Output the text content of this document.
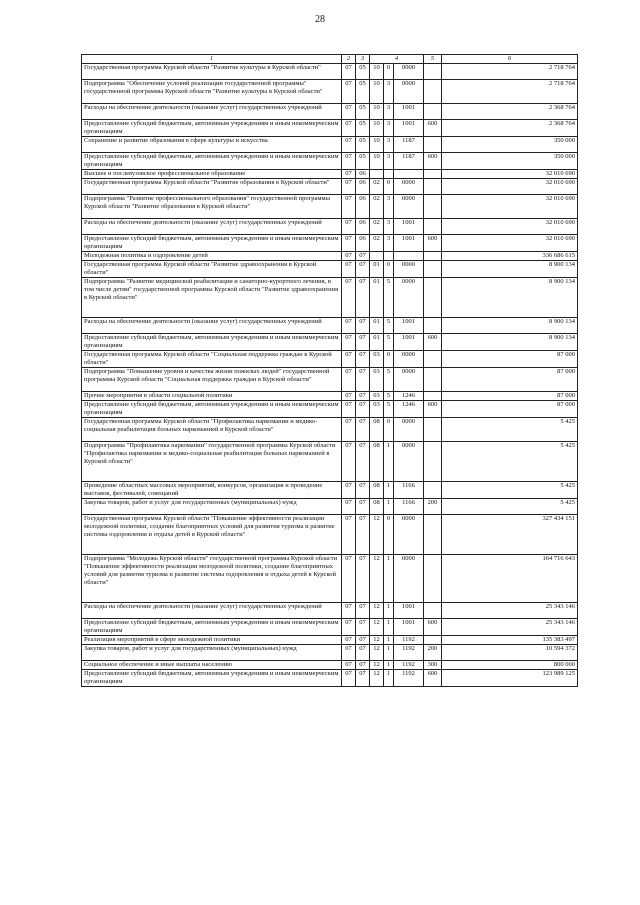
28
1	2	3	4			5	6
Государственная программа Курской области "Развитие культуры в Курской области"	07	05	10	0	0000		2 718 764
Подпрограмма "Обеспечение условий реализации государственной программы" государственной программы Курской области "Развитие культуры в Курской области"	07	05	10	3	0000		2 718 764
Расходы на обеспечение деятельности (оказание услуг) государственных учреждений	07	05	10	3	1001		2 368 764
Предоставление субсидий бюджетным, автономным учреждениям и иным некоммерческим организациям	07	05	10	3	1001	600	2 368 764
Сохранение и развитие образования в сфере культуры и искусства	07	05	10	3	1187		350 000
Предоставление субсидий бюджетным, автономным учреждениям и иным некоммерческим организациям	07	05	10	3	1187	600	350 000
Высшее и послевузовское профессиональное образование	07	06					32 010 690
Государственная программа Курской области "Развитие образования в Курской области"	07	06	02	0	0000		32 010 690
Подпрограмма "Развитие профессионального образования" государственной программы Курской области "Развитие образования в Курской области"	07	06	02	3	0000		32 010 690
Расходы на обеспечение деятельности (оказание услуг) государственных учреждений	07	06	02	3	1001		32 010 690
Предоставление субсидий бюджетным, автономным учреждениям и иным некоммерческим организациям	07	06	02	3	1001	600	32 010 690
Молодежная политика и оздоровление детей	07	07					336 686 615
Государственная программа Курской области "Развитие здравоохранения в Курской области"	07	07	01	0	0000		8 900 134
Подпрограмма "Развитие медицинской реабилитации и санаторно-курортного лечения, в том числе детям" государственной программы Курской области "Развитие здравоохранения в Курской области"	07	07	01	5	0000		8 900 134
Расходы на обеспечение деятельности (оказание услуг) государственных учреждений	07	07	01	5	1001		8 900 134
Предоставление субсидий бюджетным, автономным учреждениям и иным некоммерческим организациям	07	07	01	5	1001	600	8 900 134
Государственная программа Курской области "Социальная поддержка граждан в Курской области"	07	07	03	0	0000		87 000
Подпрограмма "Повышение уровня и качества жизни пожилых людей" государственной программы Курской области "Социальная поддержка граждан в Курской области"	07	07	03	5	0000		87 000
Прочие мероприятия в области социальной политики	07	07	03	5	1246		87 000
Предоставление субсидий бюджетным, автономным учреждениям и иным некоммерческим организациям	07	07	03	5	1246	600	87 000
Государственная программа Курской области "Профилактика наркомании и медико-социальная реабилитация больных наркоманией в Курской области"	07	07	08	0	0000		5 425
Подпрограмма "Профилактика наркомании" государственной программы Курской области "Профилактика наркомании и медико-социальная реабилитация больных наркоманией в Курской области"	07	07	08	1	0000		5 425
Проведение областных массовых мероприятий, конкурсов, организация и проведение выставок, фестивалей, совещаний	07	07	08	1	1166		5 425
Закупка товаров, работ и услуг для государственных (муниципальных) нужд	07	07	08	1	1166	200	5 425
Государственная программа Курской области "Повышение эффективности реализации молодежной политики, создание благоприятных условий для развития туризма и развитие системы оздоровления и отдыха детей в Курской области"	07	07	12	0	0000		327 434 151
Подпрограмма "Молодежь Курской области" государственной программы Курской области "Повышение эффективности реализации молодежной политики, создание благоприятных условий для развития туризма и развитие системы оздоровления и отдыха детей в Курской области"	07	07	12	1	0000		164 716 643
Расходы на обеспечение деятельности (оказание услуг) государственных учреждений	07	07	12	1	1001		25 343 146
Предоставление субсидий бюджетным, автономным учреждениям и иным некоммерческим организациям	07	07	12	1	1001	600	25 343 146
Реализация мероприятий в сфере молодежной политики	07	07	12	1	1192		135 383 497
Закупка товаров, работ и услуг для государственных (муниципальных) нужд	07	07	12	1	1192	200	10 594 372
Социальное обеспечение и иные выплаты населению	07	07	12	1	1192	300	800 000
Предоставление субсидий бюджетным, автономным учреждениям и иным некоммерческим организациям	07	07	12	1	1192	600	123 989 125
